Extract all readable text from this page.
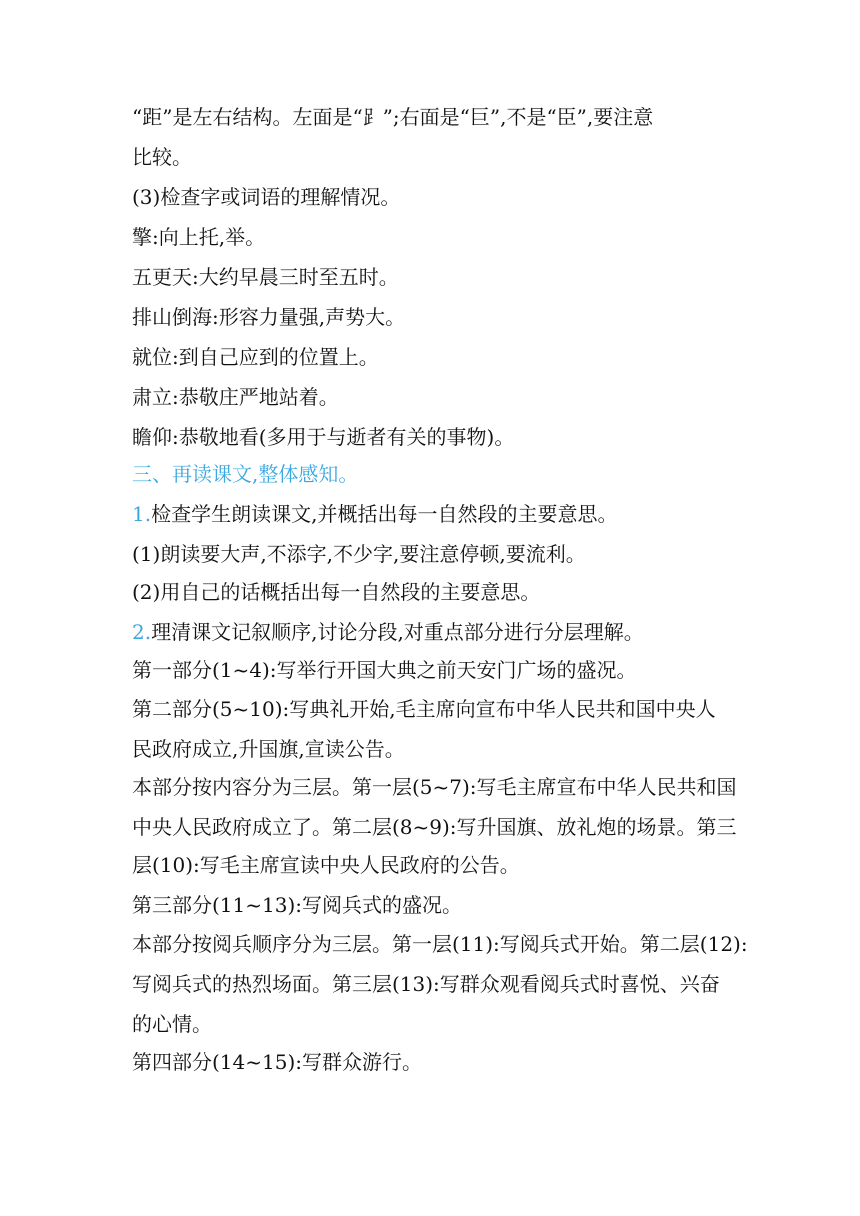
“距”是左右结构。左面是“⻊”;右面是“巨”,不是“臣”,要注意
比较。
(3)检查字或词语的理解情况。
擎:向上托,举。
五更天:大约早晨三时至五时。
排山倒海:形容力量强,声势大。
就位:到自己应到的位置上。
肃立:恭敬庄严地站着。
瞻仰:恭敬地看(多用于与逝者有关的事物)。
三、再读课文,整体感知。
1.检查学生朗读课文,并概括出每一自然段的主要意思。
(1)朗读要大声,不添字,不少字,要注意停顿,要流利。
(2)用自己的话概括出每一自然段的主要意思。
2.理清课文记叙顺序,讨论分段,对重点部分进行分层理解。
第一部分(1~4):写举行开国大典之前天安门广场的盛况。
第二部分(5~10):写典礼开始,毛主席向宣布中华人民共和国中央人
民政府成立,升国旗,宣读公告。
本部分按内容分为三层。第一层(5~7):写毛主席宣布中华人民共和国
中央人民政府成立了。第二层(8~9):写升国旗、放礼炮的场景。第三
层(10):写毛主席宣读中央人民政府的公告。
第三部分(11~13):写阅兵式的盛况。
本部分按阅兵顺序分为三层。第一层(11):写阅兵式开始。第二层(12):
写阅兵式的热烈场面。第三层(13):写群众观看阅兵式时喜悦、兴奋
的心情。
第四部分(14~15):写群众游行。
